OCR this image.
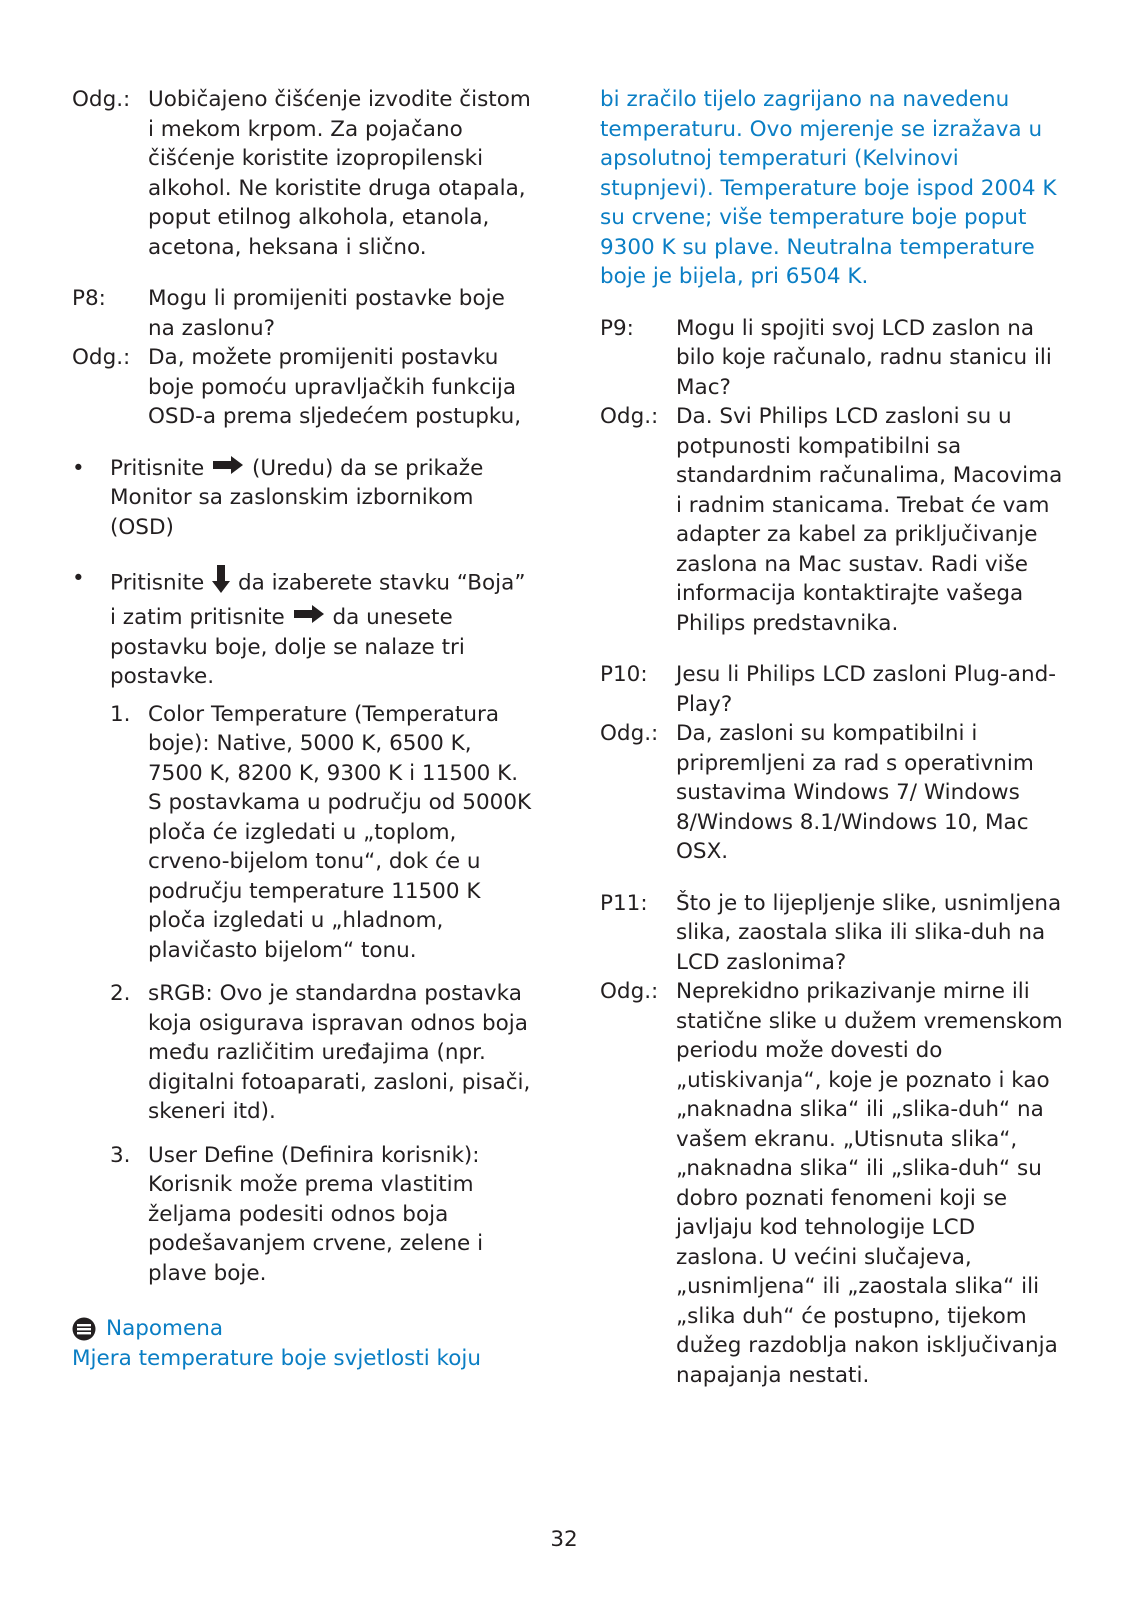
Odg.: Uobičajeno čišćenje izvodite čistom i mekom krpom. Za pojačano čišćenje koristite izopropilenski alkohol. Ne koristite druga otapala, poput etilnog alkohola, etanola, acetona, heksana i slično.
P8:	Mogu li promijeniti postavke boje na zaslonu?
Odg.: Da, možete promijeniti postavku boje pomoću upravljačkih funkcija OSD-a prema sljedećem postupku,
•	Pritisnite (Uredu) da se prikaže Monitor sa zaslonskim izbornikom (OSD)
•	Pritisnite da izaberete stavku “Boja” i zatim pritisnite da unesete postavku boje, dolje se nalaze tri postavke.
1. Color Temperature (Temperatura boje): Native, 5000 K, 6500 K, 7500 K, 8200 K, 9300 K i 11500 K. S postavkama u području od 5000K ploča će izgledati u „toplom, crveno-bijelom tonu“, dok će u području temperature 11500 K ploča izgledati u „hladnom, plavičasto bijelom“ tonu.
2. sRGB: Ovo je standardna postavka koja osigurava ispravan odnos boja među različitim uređajima (npr. digitalni fotoaparati, zasloni, pisači, skeneri itd).
3. User Define (Definira korisnik): Korisnik može prema vlastitim željama podesiti odnos boja podešavanjem crvene, zelene i plave boje.
Napomena
Mjera temperature boje svjetlosti koju
bi zračilo tijelo zagrijano na navedenu temperaturu. Ovo mjerenje se izražava u apsolutnoj temperaturi (Kelvinovi stupnjevi). Temperature boje ispod 2004 K su crvene; više temperature boje poput 9300 K su plave. Neutralna temperature boje je bijela, pri 6504 K.
P9:	Mogu li spojiti svoj LCD zaslon na bilo koje računalo, radnu stanicu ili Mac?
Odg.: Da. Svi Philips LCD zasloni su u potpunosti kompatibilni sa standardnim računalima, Macovima i radnim stanicama. Trebat će vam adapter za kabel za priključivanje zaslona na Mac sustav. Radi više informacija kontaktirajte vašega Philips predstavnika.
P10:	Jesu li Philips LCD zasloni Plug-and-Play?
Odg.: Da, zasloni su kompatibilni i pripremljeni za rad s operativnim sustavima Windows 7/ Windows 8/Windows 8.1/Windows 10, Mac OSX.
P11:	Što je to lijepljenje slike, usnimljena slika, zaostala slika ili slika-duh na LCD zaslonima?
Odg.: Neprekidno prikazivanje mirne ili statične slike u dužem vremenskom periodu može dovesti do „utiskivanja“, koje je poznato i kao „naknadna slika“ ili „slika-duh“ na vašem ekranu. „Utisnuta slika“, „naknadna slika“ ili „slika-duh“ su dobro poznati fenomeni koji se javljaju kod tehnologije LCD zaslona. U većini slučajeva, „usnimljena“ ili „zaostala slika“ ili „slika duh“ će postupno, tijekom dužeg razdoblja nakon isključivanja napajanja nestati.
32
